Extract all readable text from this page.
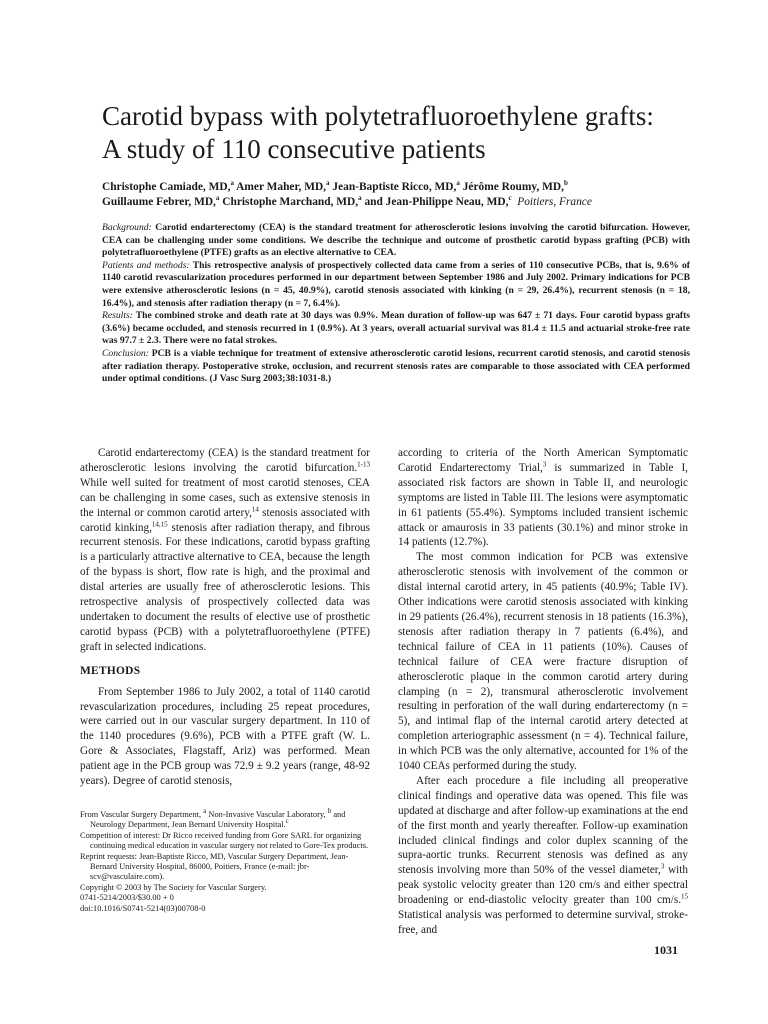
Carotid bypass with polytetrafluoroethylene grafts:
A study of 110 consecutive patients
Christophe Camiade, MD,$^a$ Amer Maher, MD,$^a$ Jean-Baptiste Ricco, MD,$^a$ Jérôme Roumy, MD,$^b$
Guillaume Febrer, MD,$^a$ Christophe Marchand, MD,$^a$ and Jean-Philippe Neau, MD,$^c$ Poitiers, France

Background: Carotid endarterectomy (CEA) is the standard treatment for atherosclerotic lesions involving the carotid bifurcation. However, CEA can be challenging under some conditions. We describe the technique and outcome of prosthetic carotid bypass grafting (PCB) with polytetrafluoroethylene (PTFE) grafts as an elective alternative to CEA.

Patients and methods: This retrospective analysis of prospectively collected data came from a series of 110 consecutive PCBs, that is, 9.6% of 1140 carotid revascularization procedures performed in our department between September 1986 and July 2002. Primary indications for PCB were extensive atherosclerotic lesions (n = 45, 40.9%), carotid stenosis associated with kinking (n = 29, 26.4%), recurrent stenosis (n = 18, 16.4%), and stenosis after radiation therapy (n = 7, 6.4%).

Results: The combined stroke and death rate at 30 days was 0.9%. Mean duration of follow-up was 647 ± 71 days. Four carotid bypass grafts (3.6%) became occluded, and stenosis recurred in 1 (0.9%). At 3 years, overall actuarial survival was 81.4 ± 11.5 and actuarial stroke-free rate was 97.7 ± 2.3. There were no fatal strokes.

Conclusion: PCB is a viable technique for treatment of extensive atherosclerotic carotid lesions, recurrent carotid stenosis, and carotid stenosis after radiation therapy. Postoperative stroke, occlusion, and recurrent stenosis rates are comparable to those associated with CEA performed under optimal conditions. (J Vasc Surg 2003;38:1031-8.)

Carotid endarterectomy (CEA) is the standard treatment for atherosclerotic lesions involving the carotid bifurcation.$^{1-13}$ While well suited for treatment of most carotid stenoses, CEA can be challenging in some cases, such as extensive stenosis in the internal or common carotid artery,$^{14}$ stenosis associated with carotid kinking,$^{14,15}$ stenosis after radiation therapy, and fibrous recurrent stenosis. For these indications, carotid bypass grafting is a particularly attractive alternative to CEA, because the length of the bypass is short, flow rate is high, and the proximal and distal arteries are usually free of atherosclerotic lesions. This retrospective analysis of prospectively collected data was undertaken to document the results of elective use of prosthetic carotid bypass (PCB) with a polytetrafluoroethylene (PTFE) graft in selected indications.

METHODS

From September 1986 to July 2002, a total of 1140 carotid revascularization procedures, including 25 repeat procedures, were carried out in our vascular surgery department. In 110 of the 1140 procedures (9.6%), PCB with a PTFE graft (W. L. Gore & Associates, Flagstaff, Ariz) was performed. Mean patient age in the PCB group was 72.9 ± 9.2 years (range, 48-92 years). Degree of carotid stenosis,

From Vascular Surgery Department, $^a$ Non-Invasive Vascular Laboratory, $^b$ and Neurology Department, Jean Bernard University Hospital.$^c$

Competition of interest: Dr Ricco received funding from Gore SARL for organizing continuing medical education in vascular surgery not related to Gore-Tex products.

Reprint requests: Jean-Baptiste Ricco, MD, Vascular Surgery Department, Jean-Bernard University Hospital, 86000, Poitiers, France (e-mail: jbr-scv@vasculaire.com).

Copyright © 2003 by The Society for Vascular Surgery.

0741-5214/2003/$30.00 + 0

doi:10.1016/S0741-5214(03)00708-0

according to criteria of the North American Symptomatic Carotid Endarterectomy Trial,$^3$ is summarized in Table I, associated risk factors are shown in Table II, and neurologic symptoms are listed in Table III. The lesions were asymptomatic in 61 patients (55.4%). Symptoms included transient ischemic attack or amaurosis in 33 patients (30.1%) and minor stroke in 14 patients (12.7%).

The most common indication for PCB was extensive atherosclerotic stenosis with involvement of the common or distal internal carotid artery, in 45 patients (40.9%; Table IV). Other indications were carotid stenosis associated with kinking in 29 patients (26.4%), recurrent stenosis in 18 patients (16.3%), stenosis after radiation therapy in 7 patients (6.4%), and technical failure of CEA in 11 patients (10%). Causes of technical failure of CEA were fracture disruption of atherosclerotic plaque in the common carotid artery during clamping (n = 2), transmural atherosclerotic involvement resulting in perforation of the wall during endarterectomy (n = 5), and intimal flap of the internal carotid artery detected at completion arteriographic assessment (n = 4). Technical failure, in which PCB was the only alternative, accounted for 1% of the 1040 CEAs performed during the study.

After each procedure a file including all preoperative clinical findings and operative data was opened. This file was updated at discharge and after follow-up examinations at the end of the first month and yearly thereafter. Follow-up examination included clinical findings and color duplex scanning of the supra-aortic trunks. Recurrent stenosis was defined as any stenosis involving more than 50% of the vessel diameter,$^3$ with peak systolic velocity greater than 120 cm/s and either spectral broadening or end-diastolic velocity greater than 100 cm/s.$^{15}$ Statistical analysis was performed to determine survival, stroke-free, and

1031
